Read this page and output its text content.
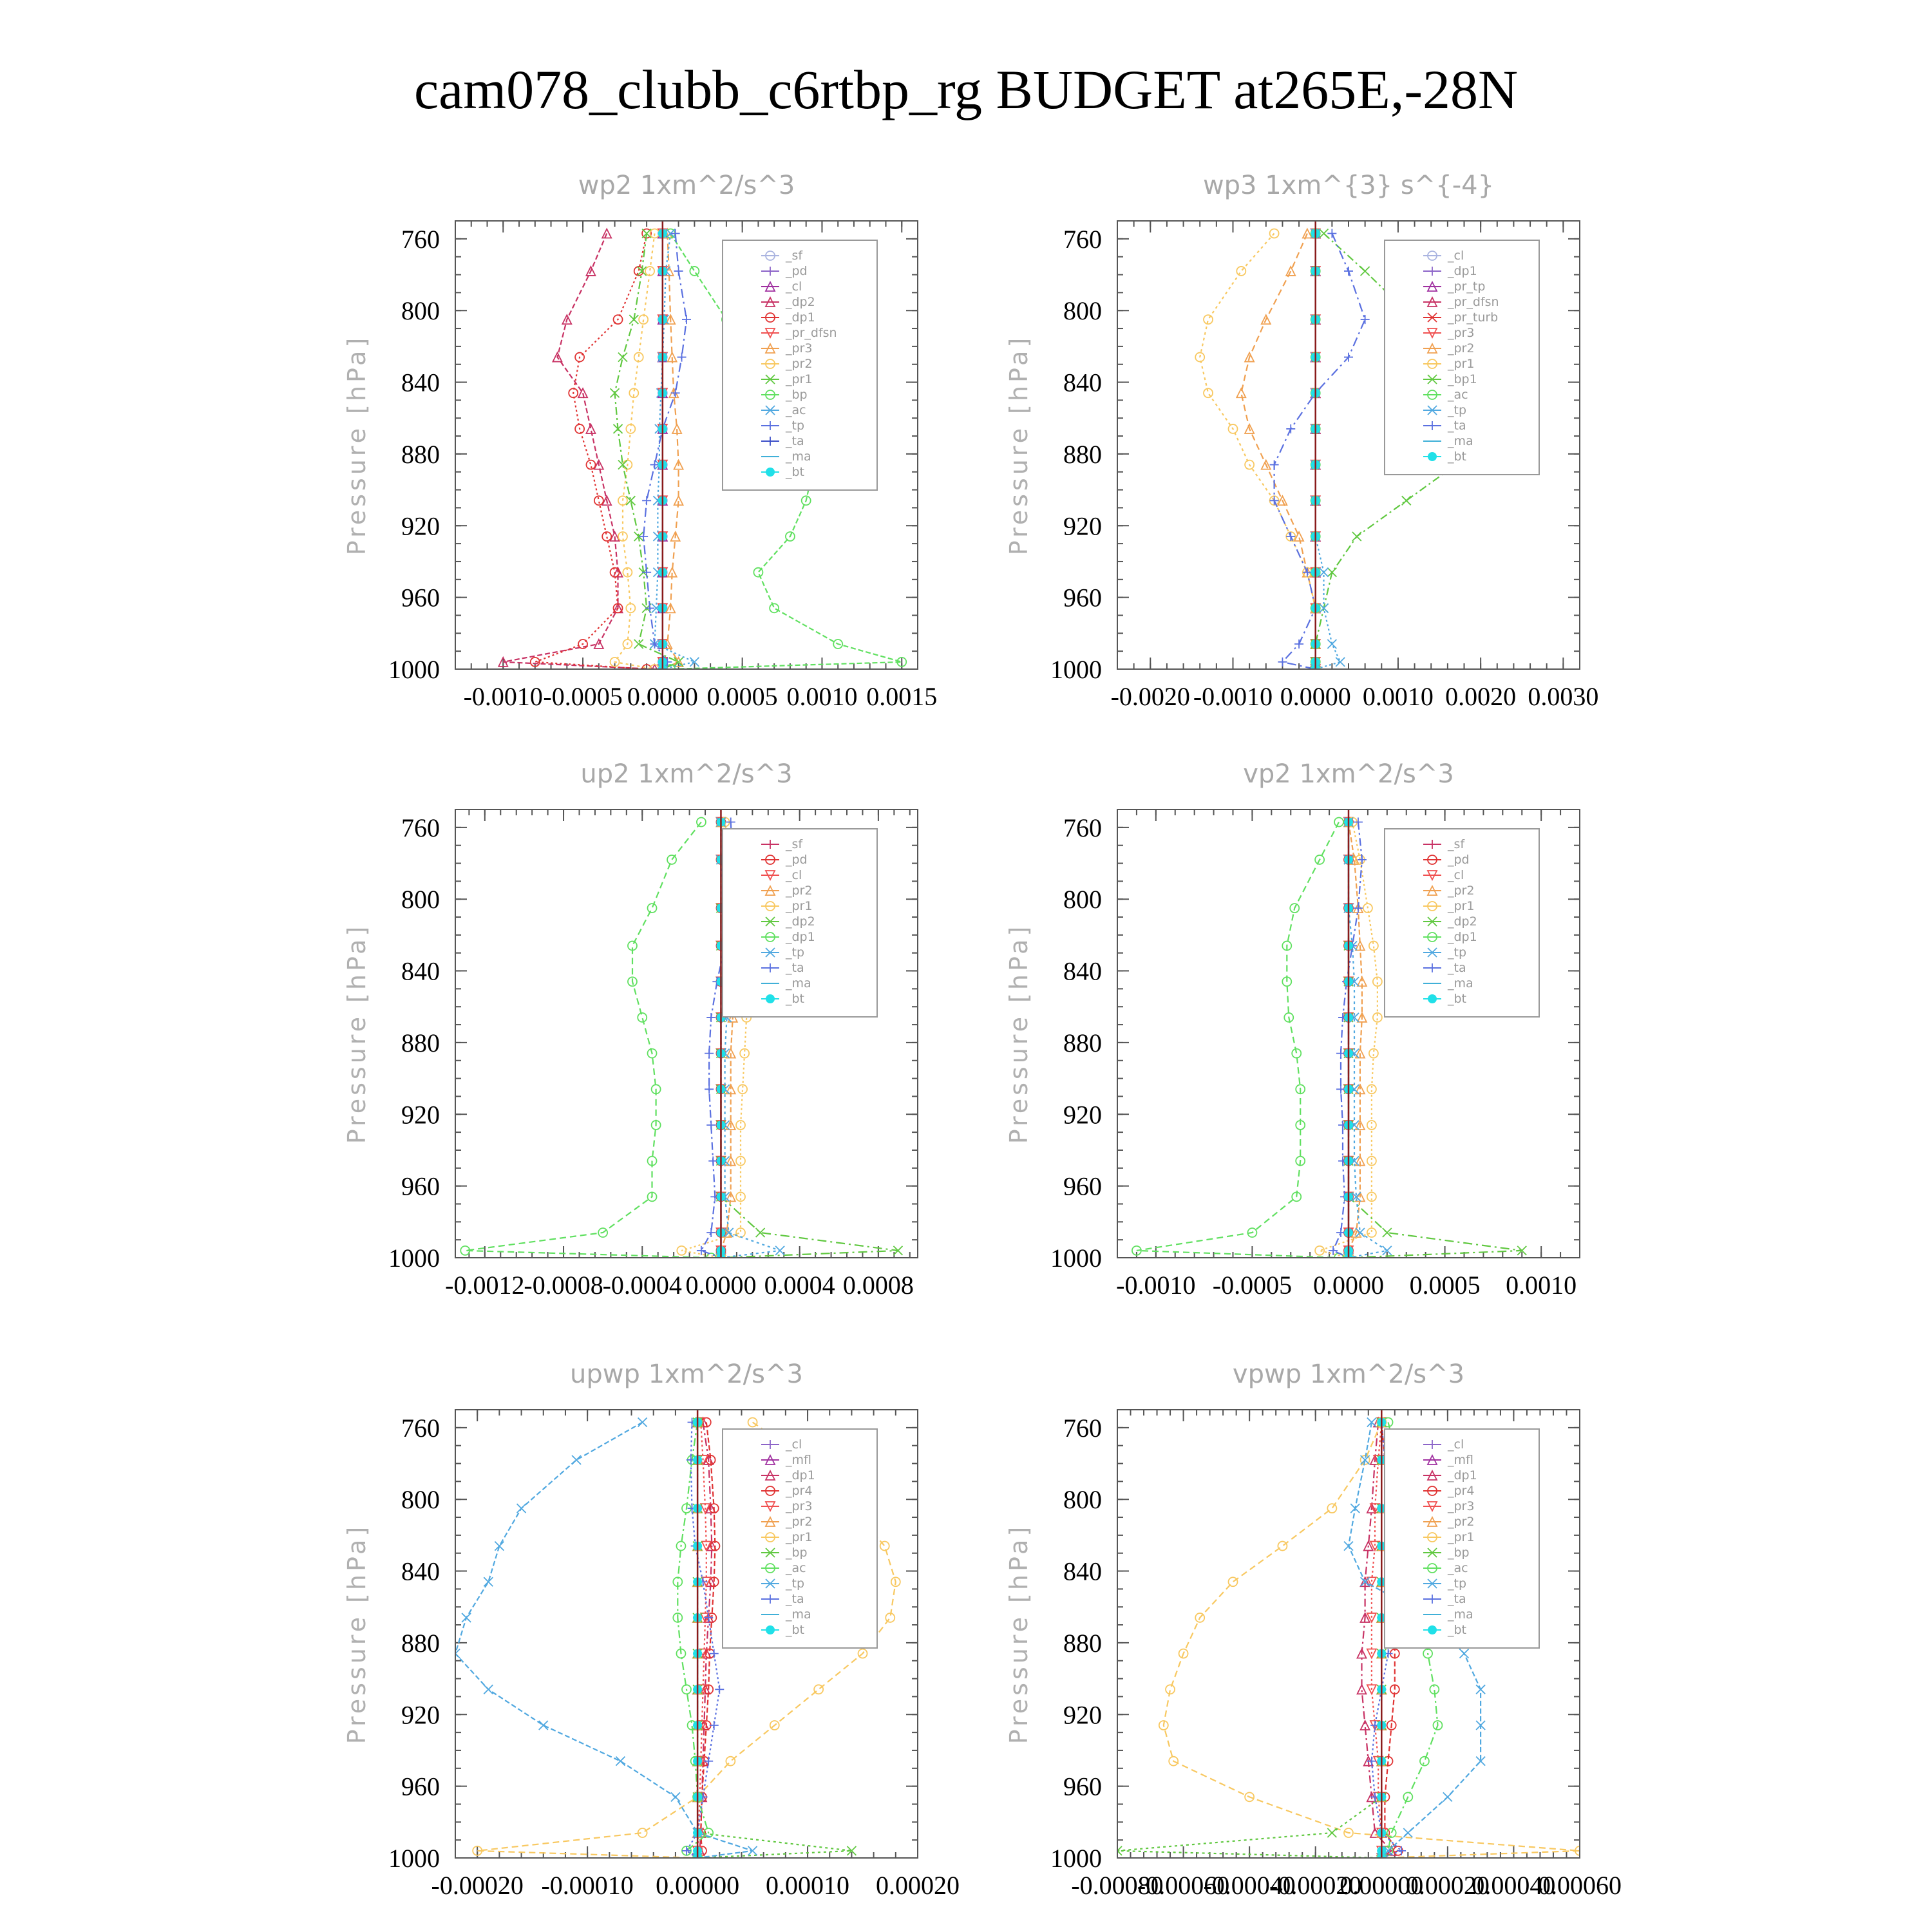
cam078_clubb_c6rtbp_rg BUDGET at265E,-28N
wp2 1xm^2/s^3
Pressure [hPa]
760
800
840
880
920
960
1000
-0.0010 -0.0005 0.0000 0.0005 0.0010 0.0015
_sf
_pd
_cl
_dp2
_dp1
_pr_dfsn
_pr3
_pr2
_pr1
_bp
_ac
_tp
_ta
_ma
_bt
wp3 1xm^{3} s^{-4}
Pressure [hPa]
760
800
840
880
920
960
1000
-0.0020 -0.0010 0.0000 0.0010 0.0020 0.0030
_cl
_dp1
_pr_tp
_pr_dfsn
_pr_turb
_pr3
_pr2
_pr1
_bp1
_ac
_tp
_ta
_ma
_bt
up2 1xm^2/s^3
Pressure [hPa]
760
800
840
880
920
960
1000
-0.0012
-0.0008
-0.0004 0.0000 0.0004 0.0008
_sf
_pd
_cl
_pr2
_pr1
_dp2
_dp1
_tp
_ta
_ma
_bt
vp2 1xm^2/s^3
Pressure [hPa]
760
800
840
880
920
960
1000
-0.0010 -0.0005 0.0000 0.0005 0.0010
_sf
_pd
_cl
_pr2
_pr1
_dp2
_dp1
_tp
_ta
_ma
_bt
upwp 1xm^2/s^3
Pressure [hPa]
760
800
840
880
920
960
1000
-0.00020 -0.00010 0.00000 0.00010 0.00020
_cl
_mfl
_dp1
_pr4
_pr3
_pr2
_pr1
_bp
_ac
_tp
_ta
_ma
_bt
vpwp 1xm^2/s^3
Pressure [hPa]
760
800
840
880
920
960
1000
-0.00080
-0.00060
-0.00040
-0.00020
0.00000
0.00020
0.00040
0.00060
_cl
_mfl
_dp1
_pr4
_pr3
_pr2
_pr1
_bp
_ac
_tp
_ta
_ma
_bt
